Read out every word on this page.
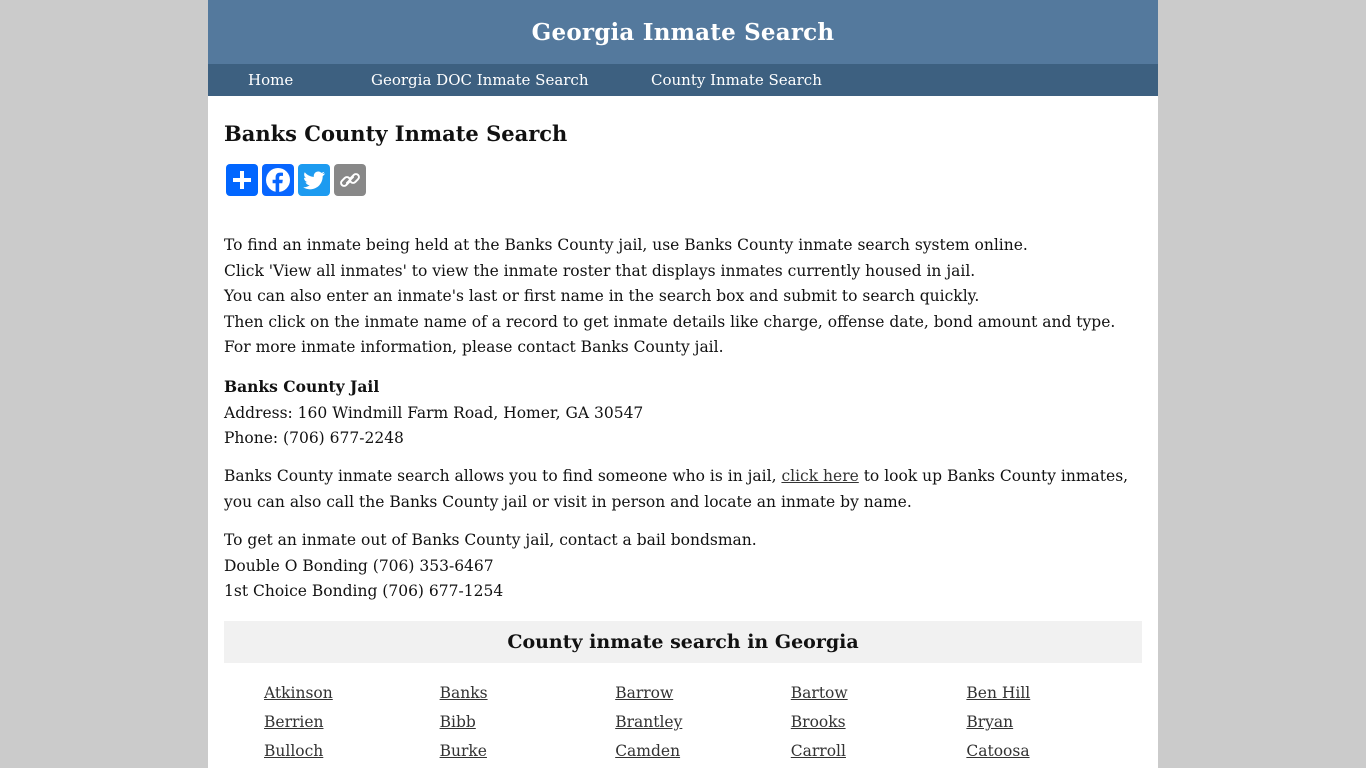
Georgia Inmate Search
Home	Georgia DOC Inmate Search	County Inmate Search
Banks County Inmate Search

To find an inmate being held at the Banks County jail, use Banks County inmate search system online.

Click 'View all inmates' to view the inmate roster that displays inmates currently housed in jail.

You can also enter an inmate's last or first name in the search box and submit to search quickly.

Then click on the inmate name of a record to get inmate details like charge, offense date, bond amount and type.

For more inmate information, please contact Banks County jail.

Banks County Jail

Address: 160 Windmill Farm Road, Homer, GA 30547

Phone: (706) 677-2248

Banks County inmate search allows you to find someone who is in jail, click here to look up Banks County inmates, you can also call the Banks County jail or visit in person and locate an inmate by name.

To get an inmate out of Banks County jail, contact a bail bondsman.

Double O Bonding (706) 353-6467

1st Choice Bonding (706) 677-1254

County inmate search in Georgia
Atkinson	Banks	Barrow	Bartow	Ben Hill
Berrien	Bibb	Brantley	Brooks	Bryan
Bulloch	Burke	Camden	Carroll	Catoosa
